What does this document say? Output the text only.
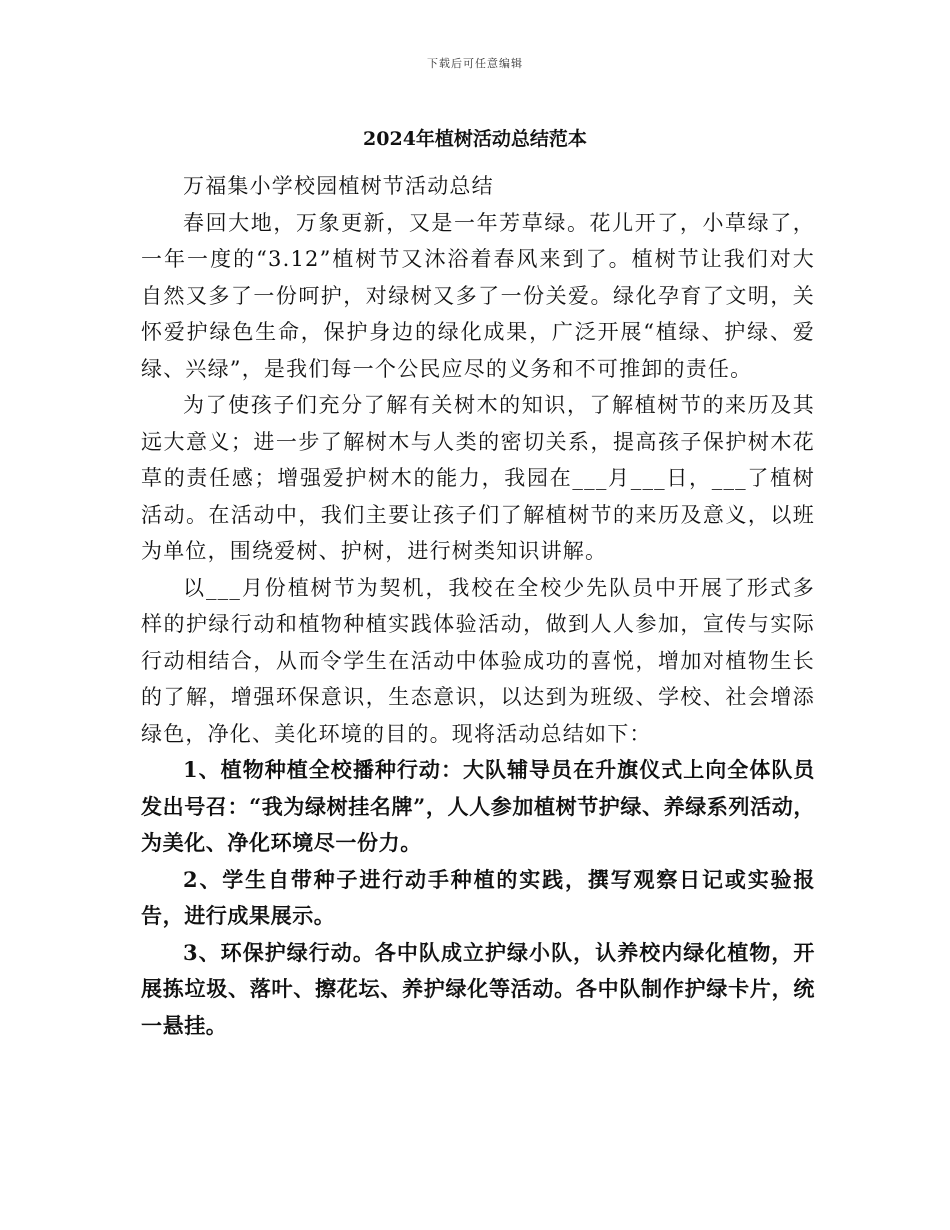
下载后可任意编辑
2024年植树活动总结范本

万福集小学校园植树节活动总结

春回大地，万象更新，又是一年芳草绿。花儿开了，小草绿了，一年一度的“3.12”植树节又沐浴着春风来到了。植树节让我们对大自然又多了一份呵护，对绿树又多了一份关爱。绿化孕育了文明，关怀爱护绿色生命，保护身边的绿化成果，广泛开展“植绿、护绿、爱绿、兴绿”，是我们每一个公民应尽的义务和不可推卸的责任。

为了使孩子们充分了解有关树木的知识，了解植树节的来历及其远大意义；进一步了解树木与人类的密切关系，提高孩子保护树木花草的责任感；增强爱护树木的能力，我园在___月___日，___了植树活动。在活动中，我们主要让孩子们了解植树节的来历及意义，以班为单位，围绕爱树、护树，进行树类知识讲解。

以___月份植树节为契机，我校在全校少先队员中开展了形式多样的护绿行动和植物种植实践体验活动，做到人人参加，宣传与实际行动相结合，从而令学生在活动中体验成功的喜悦，增加对植物生长的了解，增强环保意识，生态意识，以达到为班级、学校、社会增添绿色，净化、美化环境的目的。现将活动总结如下：

1、植物种植全校播种行动：大队辅导员在升旗仪式上向全体队员发出号召：“我为绿树挂名牌”，人人参加植树节护绿、养绿系列活动，为美化、净化环境尽一份力。

2、学生自带种子进行动手种植的实践，撰写观察日记或实验报告，进行成果展示。

3、环保护绿行动。各中队成立护绿小队，认养校内绿化植物，开展拣垃圾、落叶、擦花坛、养护绿化等活动。各中队制作护绿卡片，统一悬挂。
